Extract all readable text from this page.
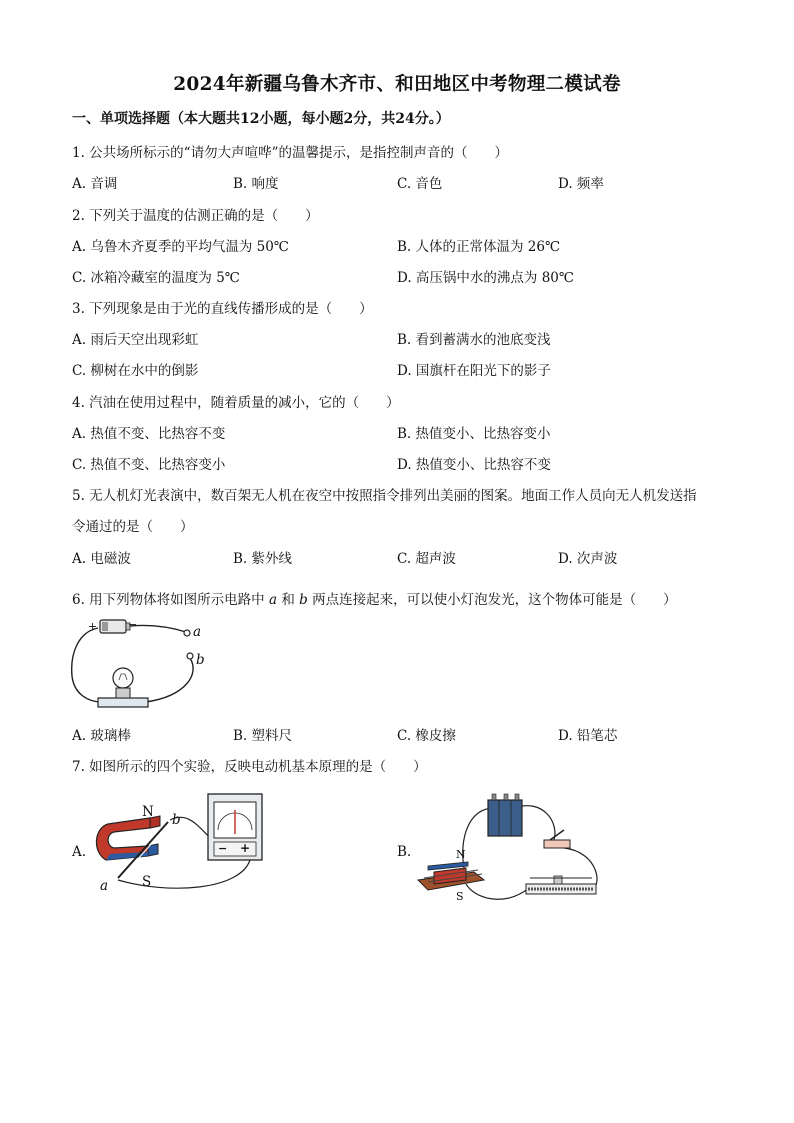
2024年新疆乌鲁木齐市、和田地区中考物理二模试卷
一、单项选择题（本大题共12小题，每小题2分，共24分。）
1. 公共场所标示的“请勿大声喧哗”的温馨提示，是指控制声音的（　　）
A. 音调	B. 响度	C. 音色	D. 频率
2. 下列关于温度的估测正确的是（　　）
A. 乌鲁木齐夏季的平均气温为 50℃	B. 人体的正常体温为 26℃
C. 冰箱冷藏室的温度为 5℃	D. 高压锅中水的沸点为 80℃
3. 下列现象是由于光的直线传播形成的是（　　）
A. 雨后天空出现彩虹	B. 看到蓄满水的池底变浅
C. 柳树在水中的倒影	D. 国旗杆在阳光下的影子
4. 汽油在使用过程中，随着质量的减小，它的（　　）
A. 热值不变、比热容不变	B. 热值变小、比热容变小
C. 热值不变、比热容变小	D. 热值变小、比热容不变
5. 无人机灯光表演中，数百架无人机在夜空中按照指令排列出美丽的图案。地面工作人员向无人机发送指
令通过的是（　　）
A. 电磁波	B. 紫外线	C. 超声波	D. 次声波
6. 用下列物体将如图所示电路中 a 和 b 两点连接起来，可以使小灯泡发光，这个物体可能是（　　）
+	−	a
b
A. 玻璃棒	B. 塑料尺	C. 橡皮擦	D. 铅笔芯
7. 如图所示的四个实验，反映电动机基本原理的是（　　）
A.
N
S
b
a
− +	B.	N
S
